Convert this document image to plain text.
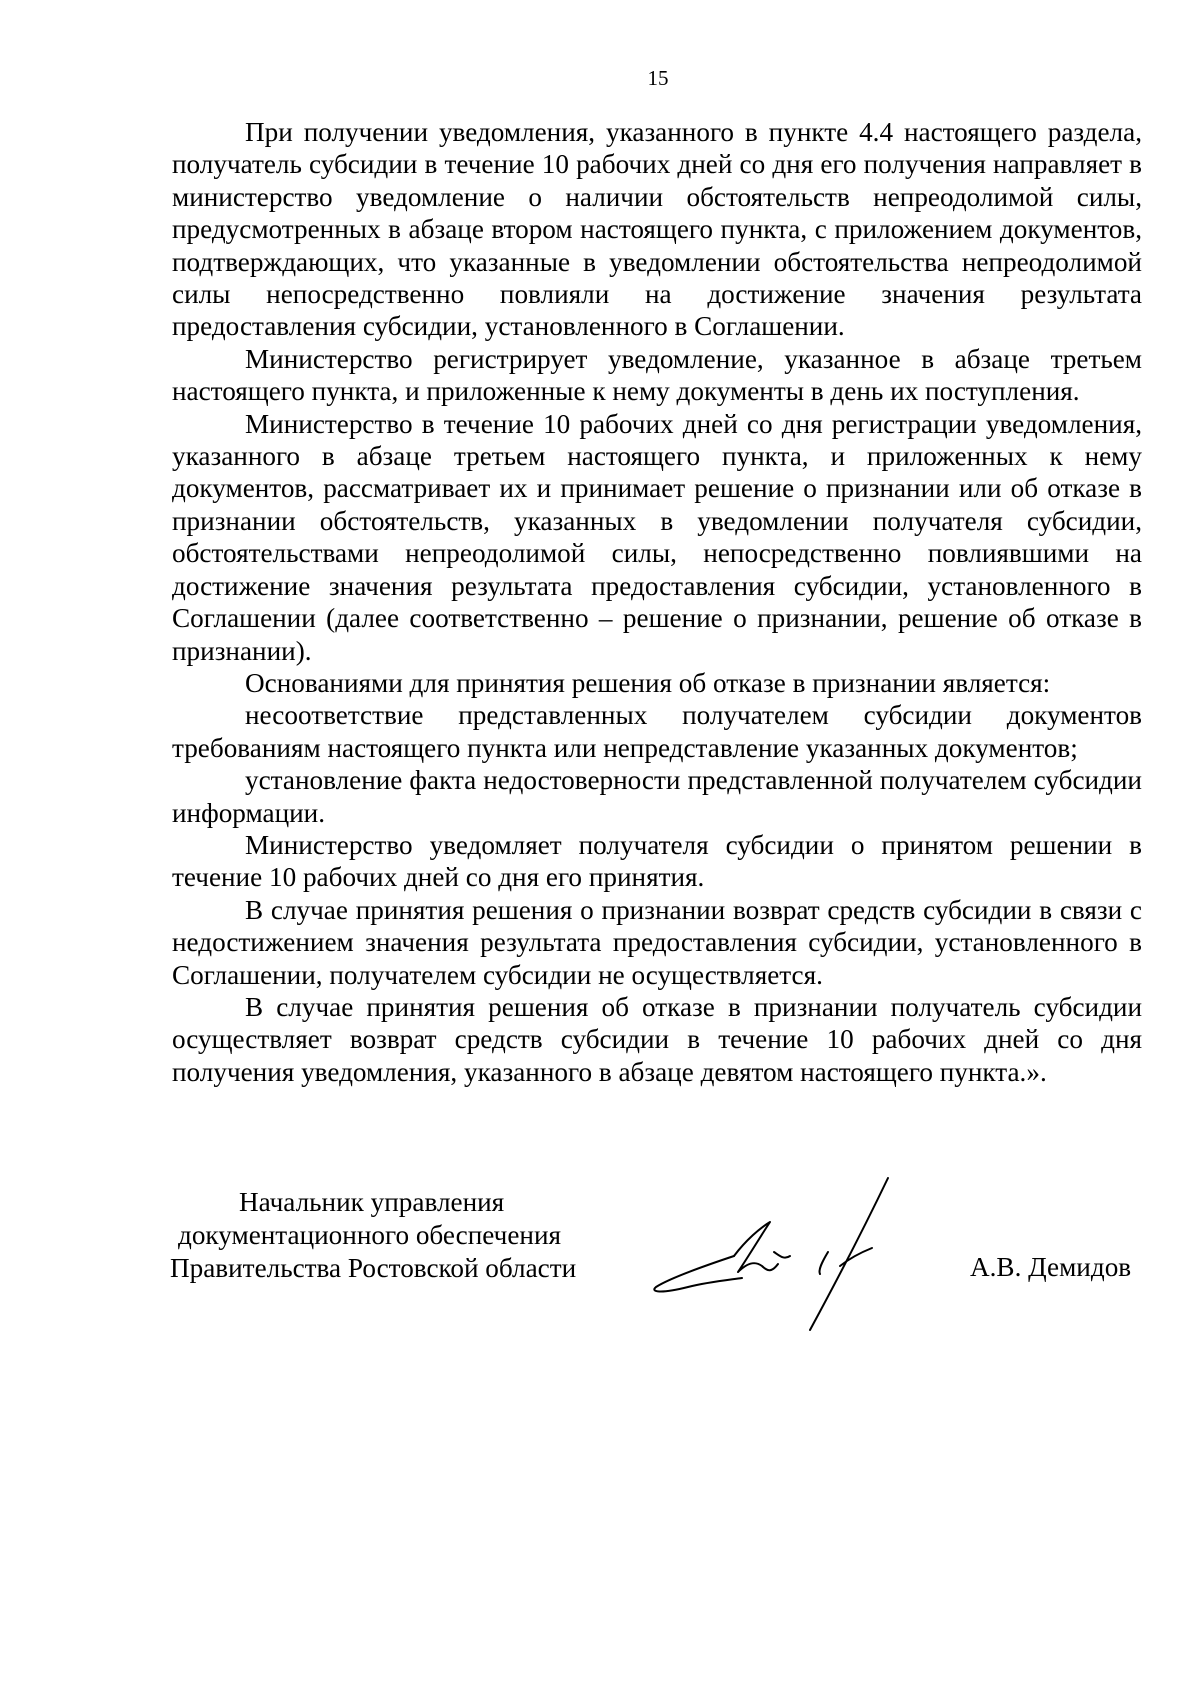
15

При получении уведомления, указанного в пункте 4.4 настоящего раздела, получатель субсидии в течение 10 рабочих дней со дня его получения направляет в министерство уведомление о наличии обстоятельств непреодолимой силы, предусмотренных в абзаце втором настоящего пункта, с приложением документов, подтверждающих, что указанные в уведомлении обстоятельства непреодолимой силы непосредственно повлияли на достижение значения результата предоставления субсидии, установленного в Соглашении.

Министерство регистрирует уведомление, указанное в абзаце третьем настоящего пункта, и приложенные к нему документы в день их поступления.

Министерство в течение 10 рабочих дней со дня регистрации уведомления, указанного в абзаце третьем настоящего пункта, и приложенных к нему документов, рассматривает их и принимает решение о признании или об отказе в признании обстоятельств, указанных в уведомлении получателя субсидии, обстоятельствами непреодолимой силы, непосредственно повлиявшими на достижение значения результата предоставления субсидии, установленного в Соглашении (далее соответственно – решение о признании, решение об отказе в признании).

Основаниями для принятия решения об отказе в признании является:

несоответствие представленных получателем субсидии документов требованиям настоящего пункта или непредставление указанных документов;

установление факта недостоверности представленной получателем субсидии информации.

Министерство уведомляет получателя субсидии о принятом решении в течение 10 рабочих дней со дня его принятия.

В случае принятия решения о признании возврат средств субсидии в связи с недостижением значения результата предоставления субсидии, установленного в Соглашении, получателем субсидии не осуществляется.

В случае принятия решения об отказе в признании получатель субсидии осуществляет возврат средств субсидии в течение 10 рабочих дней со дня получения уведомления, указанного в абзаце девятом настоящего пункта.».

Начальник управления
документационного обеспечения
Правительства Ростовской области	А.В. Демидов
